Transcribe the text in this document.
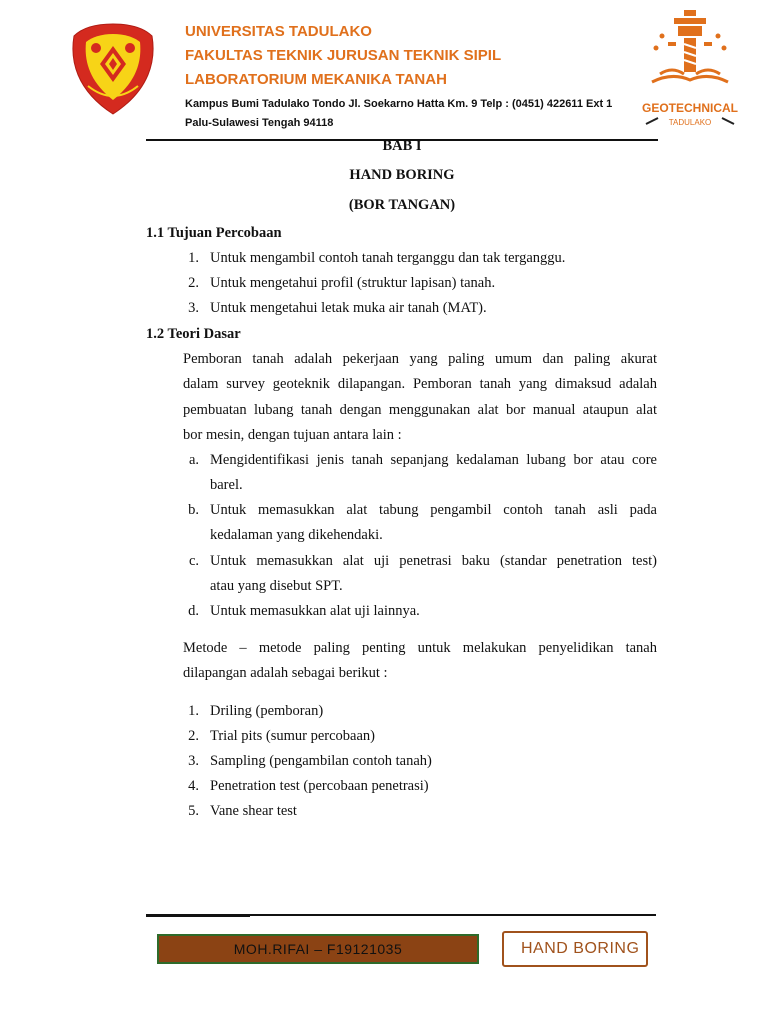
UNIVERSITAS TADULAKO
FAKULTAS TEKNIK JURUSAN TEKNIK SIPIL
LABORATORIUM MEKANIKA TANAH
Kampus Bumi Tadulako Tondo Jl. Soekarno Hatta Km. 9 Telp : (0451) 422611 Ext 1
Palu-Sulawesi Tengah 94118
GEOTECHNICAL
TADULAKO
BAB I
HAND BORING
(BOR TANGAN)
1.1 Tujuan Percobaan
1. Untuk mengambil contoh tanah terganggu dan tak terganggu.
2. Untuk mengetahui profil (struktur lapisan) tanah.
3. Untuk mengetahui letak muka air tanah (MAT).
1.2 Teori Dasar
Pemboran tanah adalah pekerjaan yang paling umum dan paling akurat
dalam survey geoteknik dilapangan. Pemboran tanah yang dimaksud adalah
pembuatan lubang tanah dengan menggunakan alat bor manual ataupun alat
bor mesin, dengan tujuan antara lain :
a. Mengidentifikasi jenis tanah sepanjang kedalaman lubang bor atau core
barel.
b. Untuk memasukkan alat tabung pengambil contoh tanah asli pada
kedalaman yang dikehendaki.
c. Untuk memasukkan alat uji penetrasi baku (standar penetration test)
atau yang disebut SPT.
d. Untuk memasukkan alat uji lainnya.
Metode – metode paling penting untuk melakukan penyelidikan tanah
dilapangan adalah sebagai berikut :
1. Driling (pemboran)
2. Trial pits (sumur percobaan)
3. Sampling (pengambilan contoh tanah)
4. Penetration test (percobaan penetrasi)
5. Vane shear test
MOH.RIFAI – F19121035	HAND BORING
